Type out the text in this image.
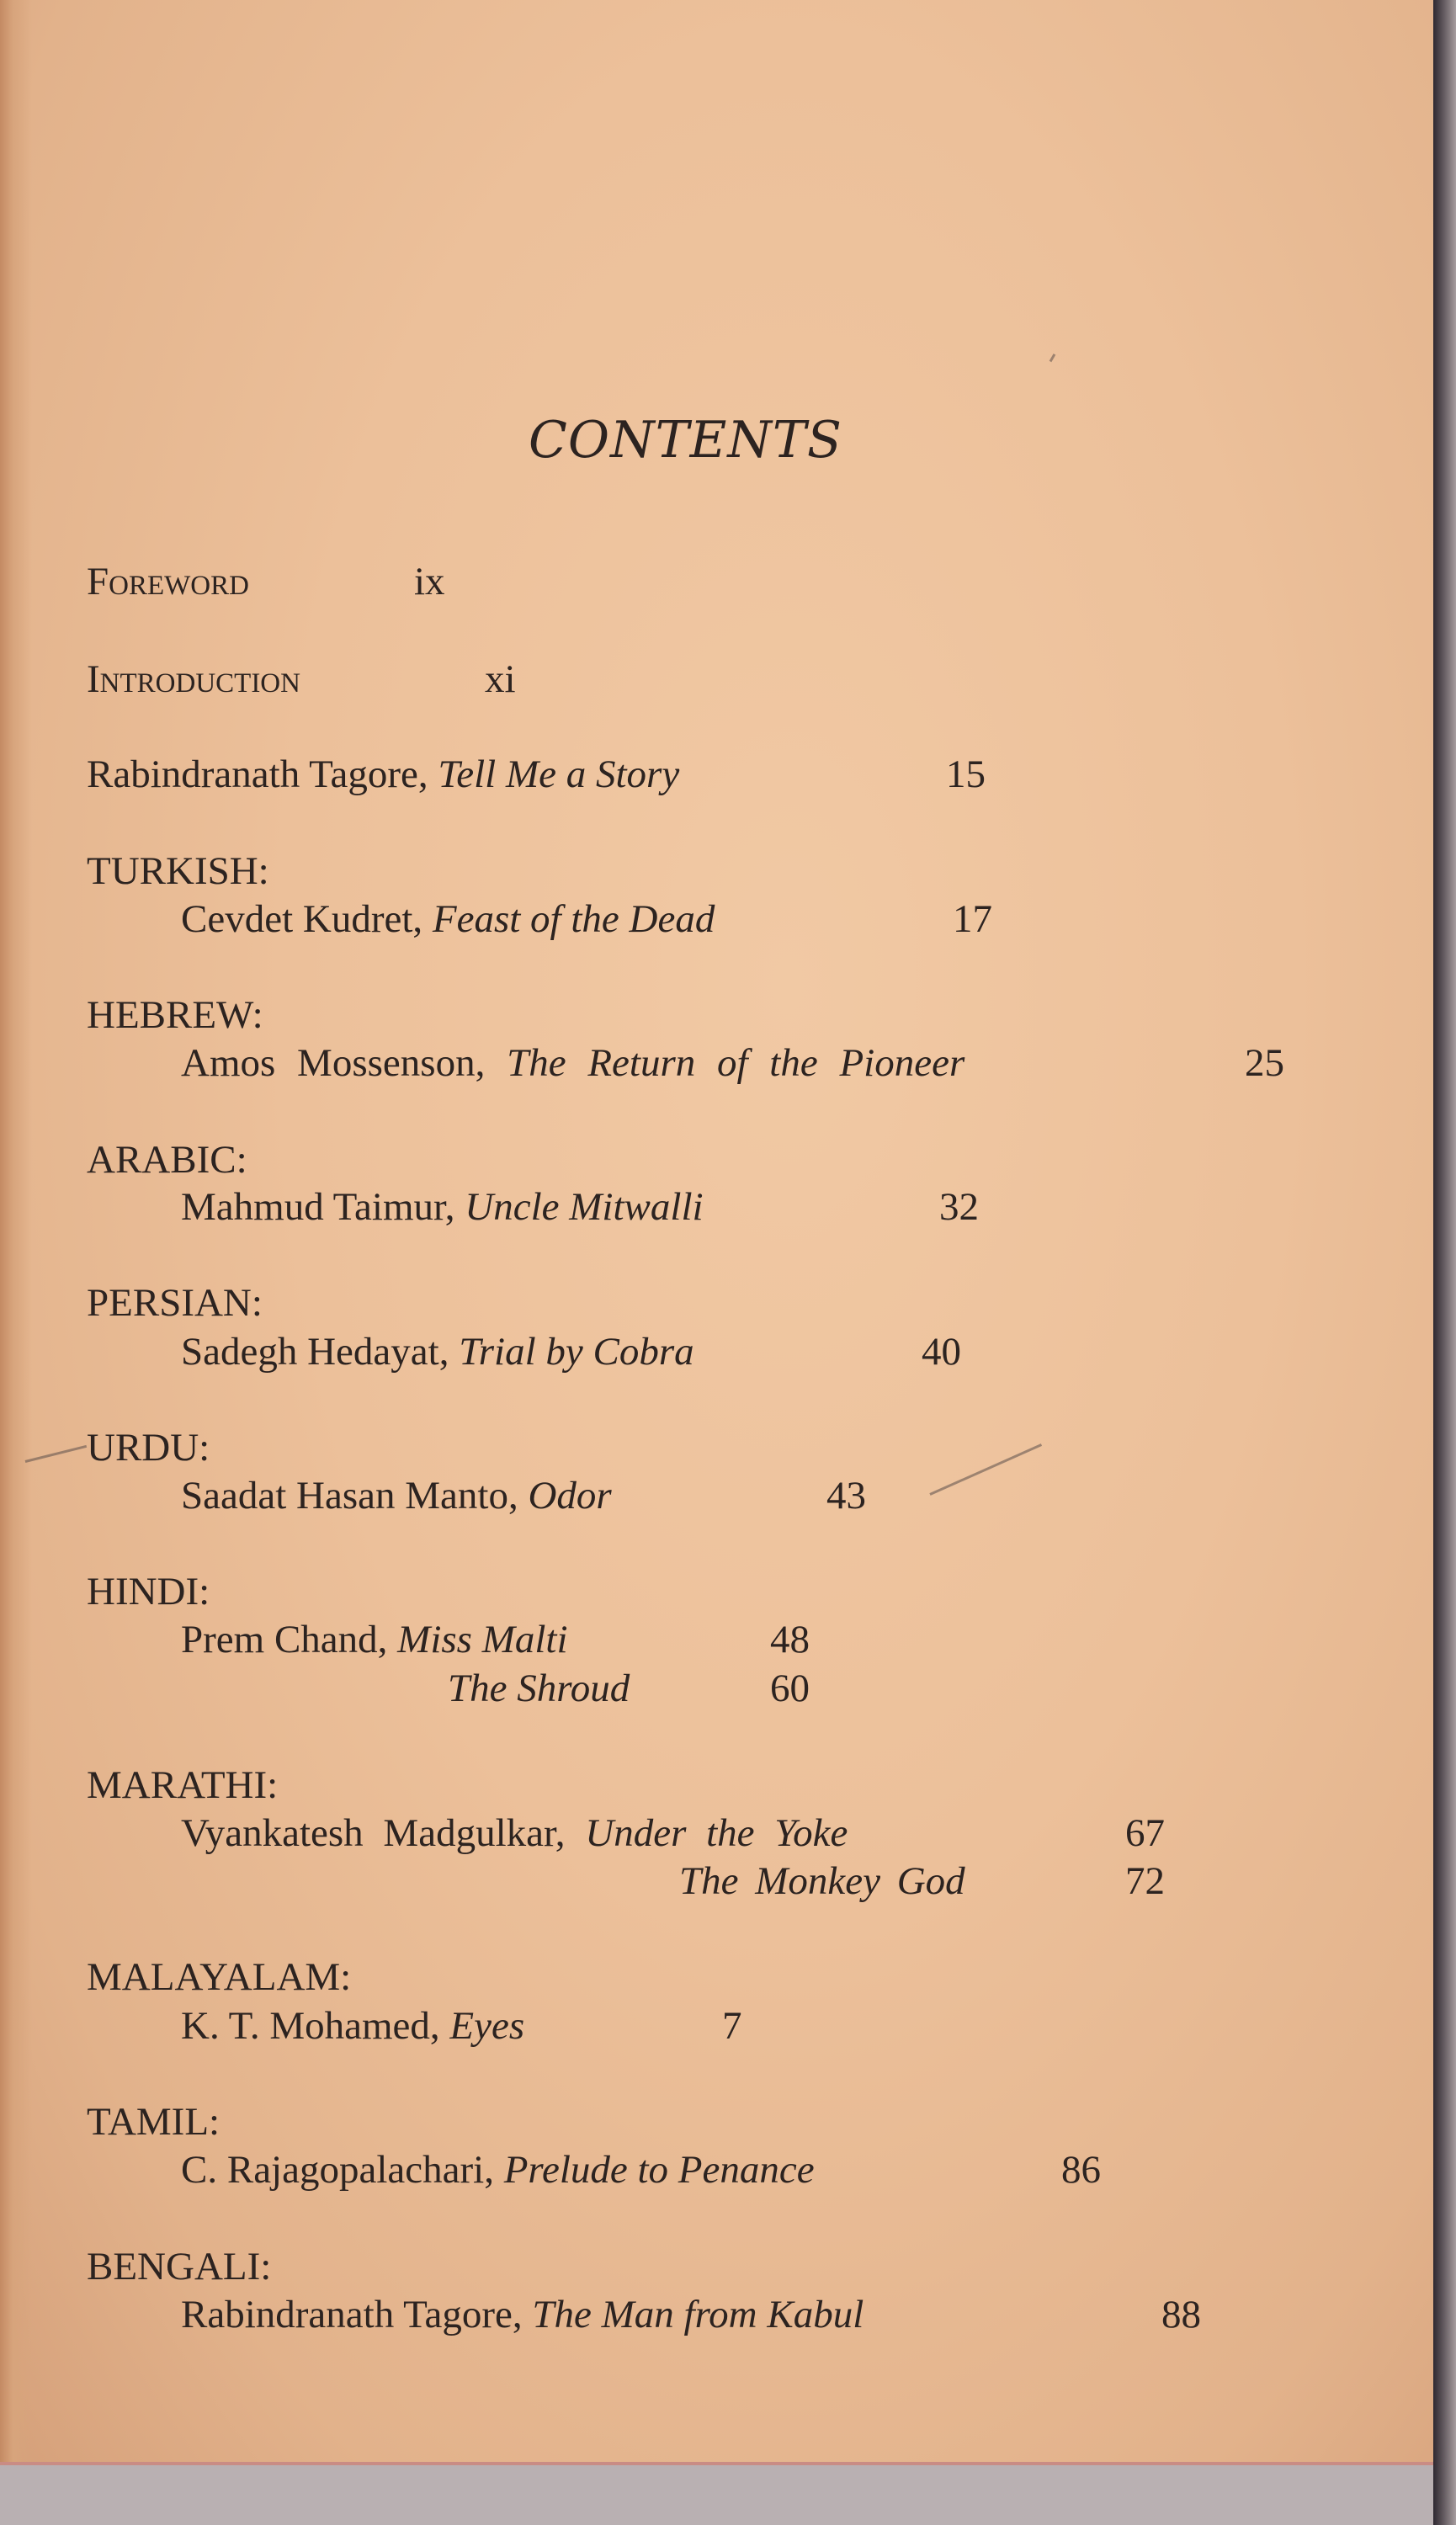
CONTENTS
Foreword	ix
Introduction	xi
Rabindranath Tagore, Tell Me a Story	15
TURKISH:
Cevdet Kudret, Feast of the Dead	17
HEBREW:
Amos Mossenson, The Return of the Pioneer	25
ARABIC:
Mahmud Taimur, Uncle Mitwalli	32
PERSIAN:
Sadegh Hedayat, Trial by Cobra	40
URDU:
Saadat Hasan Manto, Odor	43
HINDI:
Prem Chand, Miss Malti	48
The Shroud	60
MARATHI:
Vyankatesh Madgulkar, Under the Yoke	67
The Monkey God	72
MALAYALAM:
K. T. Mohamed, Eyes	7
TAMIL:
C. Rajagopalachari, Prelude to Penance	86
BENGALI:
Rabindranath Tagore, The Man from Kabul	88
